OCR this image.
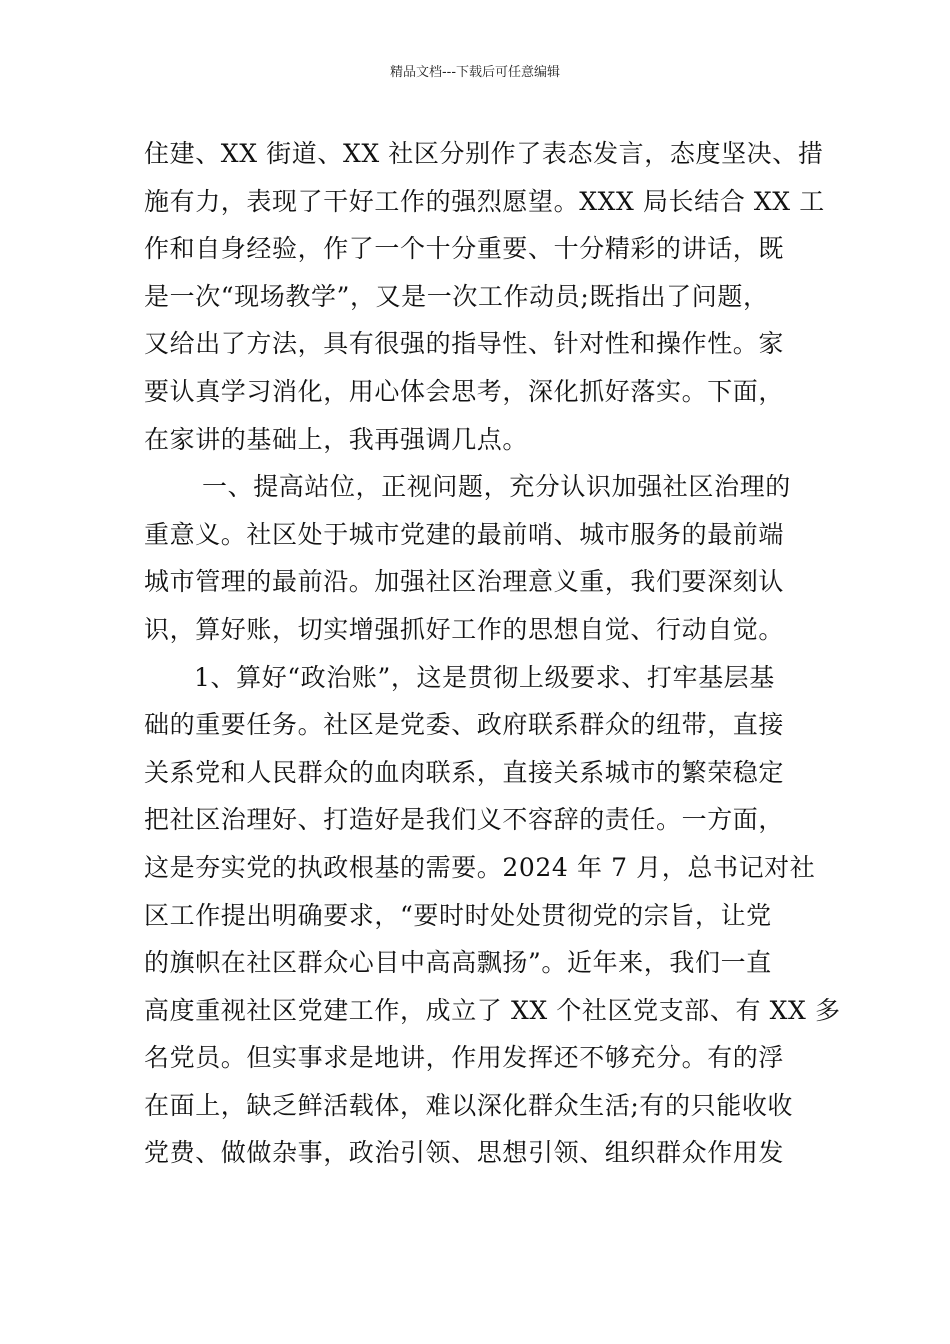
精品文档---下载后可任意编辑
住建、XX 街道、XX 社区分别作了表态发言，态度坚决、措
施有力，表现了干好工作的强烈愿望。XXX 局长结合 XX 工
作和自身经验，作了一个十分重要、十分精彩的讲话，既
是一次“现场教学”，又是一次工作动员;既指出了问题，
又给出了方法，具有很强的指导性、针对性和操作性。家
要认真学习消化，用心体会思考，深化抓好落实。下面，
在家讲的基础上，我再强调几点。
一、提高站位，正视问题，充分认识加强社区治理的
重意义。社区处于城市党建的最前哨、城市服务的最前端
城市管理的最前沿。加强社区治理意义重，我们要深刻认
识，算好账，切实增强抓好工作的思想自觉、行动自觉。
1、算好“政治账”，这是贯彻上级要求、打牢基层基
础的重要任务。社区是党委、政府联系群众的纽带，直接
关系党和人民群众的血肉联系，直接关系城市的繁荣稳定
把社区治理好、打造好是我们义不容辞的责任。一方面，
这是夯实党的执政根基的需要。2024 年 7 月，总书记对社
区工作提出明确要求，“要时时处处贯彻党的宗旨，让党
的旗帜在社区群众心目中高高飘扬”。近年来，我们一直
高度重视社区党建工作，成立了 XX 个社区党支部、有 XX 多
名党员。但实事求是地讲，作用发挥还不够充分。有的浮
在面上，缺乏鲜活载体，难以深化群众生活;有的只能收收
党费、做做杂事，政治引领、思想引领、组织群众作用发
